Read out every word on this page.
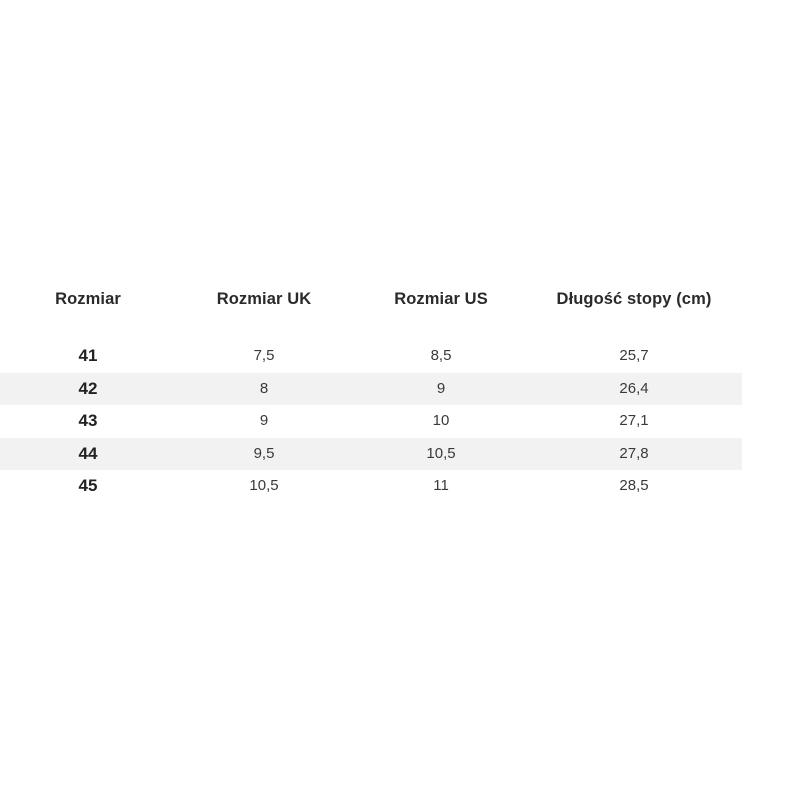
Rozmiar	Rozmiar UK	Rozmiar US	Długość stopy (cm)
41	7,5	8,5	25,7
42	8	9	26,4
43	9	10	27,1
44	9,5	10,5	27,8
45	10,5	11	28,5
